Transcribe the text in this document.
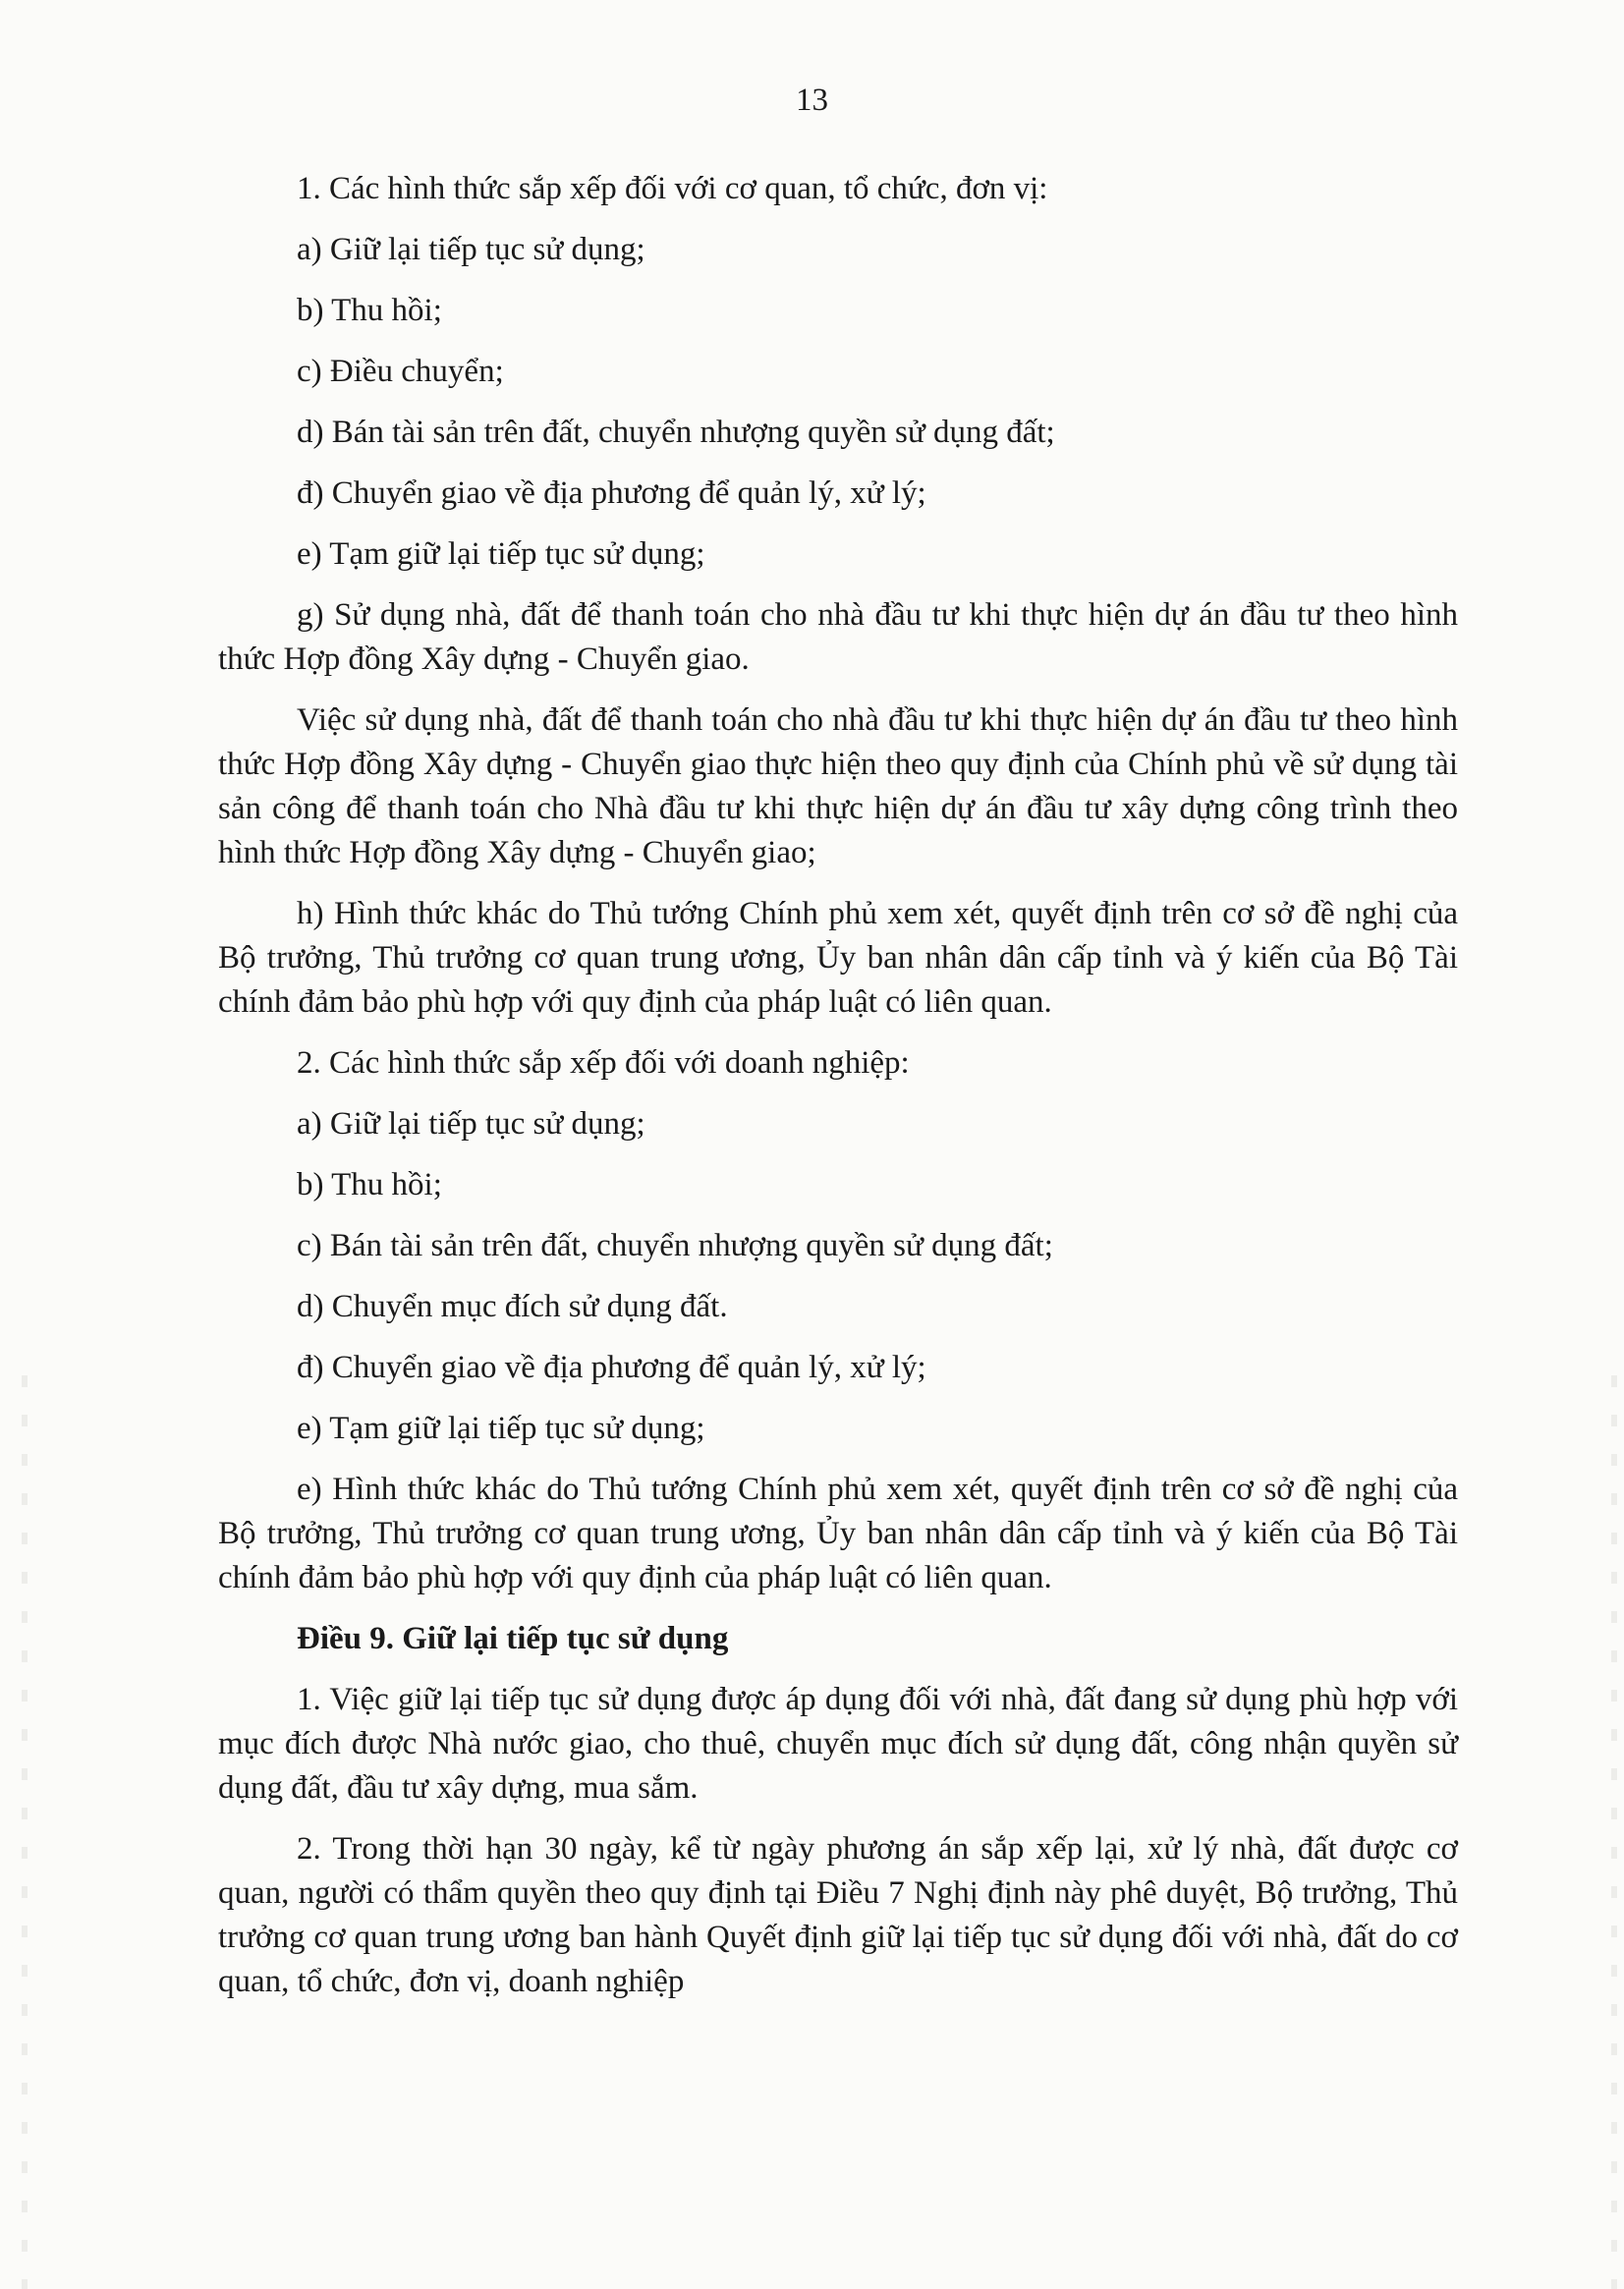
13

1. Các hình thức sắp xếp đối với cơ quan, tổ chức, đơn vị:

a) Giữ lại tiếp tục sử dụng;

b) Thu hồi;

c) Điều chuyển;

d) Bán tài sản trên đất, chuyển nhượng quyền sử dụng đất;

đ) Chuyển giao về địa phương để quản lý, xử lý;

e) Tạm giữ lại tiếp tục sử dụng;

g) Sử dụng nhà, đất để thanh toán cho nhà đầu tư khi thực hiện dự án đầu tư theo hình thức Hợp đồng Xây dựng - Chuyển giao.

Việc sử dụng nhà, đất để thanh toán cho nhà đầu tư khi thực hiện dự án đầu tư theo hình thức Hợp đồng Xây dựng - Chuyển giao thực hiện theo quy định của Chính phủ về sử dụng tài sản công để thanh toán cho Nhà đầu tư khi thực hiện dự án đầu tư xây dựng công trình theo hình thức Hợp đồng Xây dựng - Chuyển giao;

h) Hình thức khác do Thủ tướng Chính phủ xem xét, quyết định trên cơ sở đề nghị của Bộ trưởng, Thủ trưởng cơ quan trung ương, Ủy ban nhân dân cấp tỉnh và ý kiến của Bộ Tài chính đảm bảo phù hợp với quy định của pháp luật có liên quan.

2. Các hình thức sắp xếp đối với doanh nghiệp:

a) Giữ lại tiếp tục sử dụng;

b) Thu hồi;

c) Bán tài sản trên đất, chuyển nhượng quyền sử dụng đất;

d) Chuyển mục đích sử dụng đất.

đ) Chuyển giao về địa phương để quản lý, xử lý;

e) Tạm giữ lại tiếp tục sử dụng;

e) Hình thức khác do Thủ tướng Chính phủ xem xét, quyết định trên cơ sở đề nghị của Bộ trưởng, Thủ trưởng cơ quan trung ương, Ủy ban nhân dân cấp tỉnh và ý kiến của Bộ Tài chính đảm bảo phù hợp với quy định của pháp luật có liên quan.

Điều 9. Giữ lại tiếp tục sử dụng

1. Việc giữ lại tiếp tục sử dụng được áp dụng đối với nhà, đất đang sử dụng phù hợp với mục đích được Nhà nước giao, cho thuê, chuyển mục đích sử dụng đất, công nhận quyền sử dụng đất, đầu tư xây dựng, mua sắm.

2. Trong thời hạn 30 ngày, kể từ ngày phương án sắp xếp lại, xử lý nhà, đất được cơ quan, người có thẩm quyền theo quy định tại Điều 7 Nghị định này phê duyệt, Bộ trưởng, Thủ trưởng cơ quan trung ương ban hành Quyết định giữ lại tiếp tục sử dụng đối với nhà, đất do cơ quan, tổ chức, đơn vị, doanh nghiệp
